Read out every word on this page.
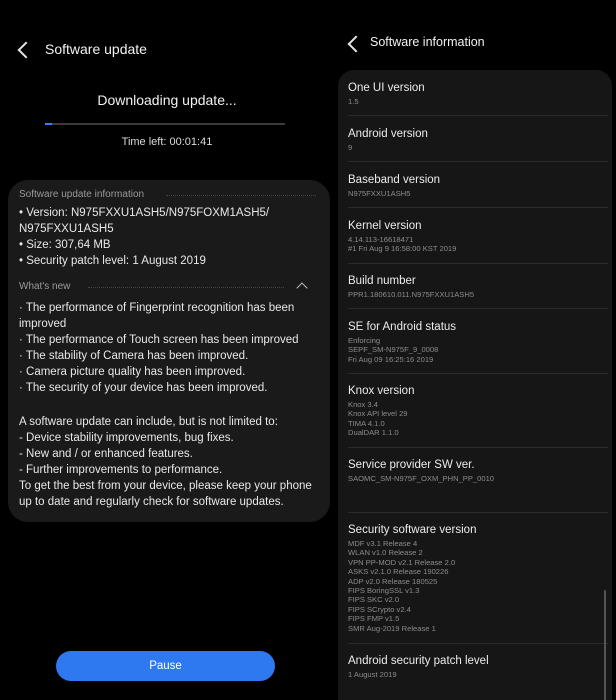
Software update
Downloading update...
Time left: 00:01:41
Software update information
• Version: N975FXXU1ASH5/N975FOXM1ASH5/
N975FXXU1ASH5
• Size: 307,64 MB
• Security patch level: 1 August 2019
What's new
· The performance of Fingerprint recognition has been
improved
· The performance of Touch screen has been improved
· The stability of Camera has been improved.
· Camera picture quality has been improved.
· The security of your device has been improved.
A software update can include, but is not limited to:
- Device stability improvements, bug fixes.
- New and / or enhanced features.
- Further improvements to performance.
To get the best from your device, please keep your phone
up to date and regularly check for software updates.
Pause
Software information
One UI version
1.5
Android version
9
Baseband version
N975FXXU1ASH5
Kernel version
4.14.113-16618471
#1 Fri Aug 9 16:58:00 KST 2019
Build number
PPR1.180610.011.N975FXXU1ASH5
SE for Android status
Enforcing
SEPF_SM-N975F_9_0008
Fri Aug 09 16:25:16 2019
Knox version
Knox 3.4
Knox API level 29
TIMA 4.1.0
DualDAR 1.1.0
Service provider SW ver.
SAOMC_SM-N975F_OXM_PHN_PP_0010
Security software version
MDF v3.1 Release 4
WLAN v1.0 Release 2
VPN PP-MOD v2.1 Release 2.0
ASKS v2.1.0 Release 190226
ADP v2.0 Release 180525
FIPS BoringSSL v1.3
FIPS SKC v2.0
FIPS SCrypto v2.4
FIPS FMP v1.5
SMR Aug-2019 Release 1
Android security patch level
1 August 2019
